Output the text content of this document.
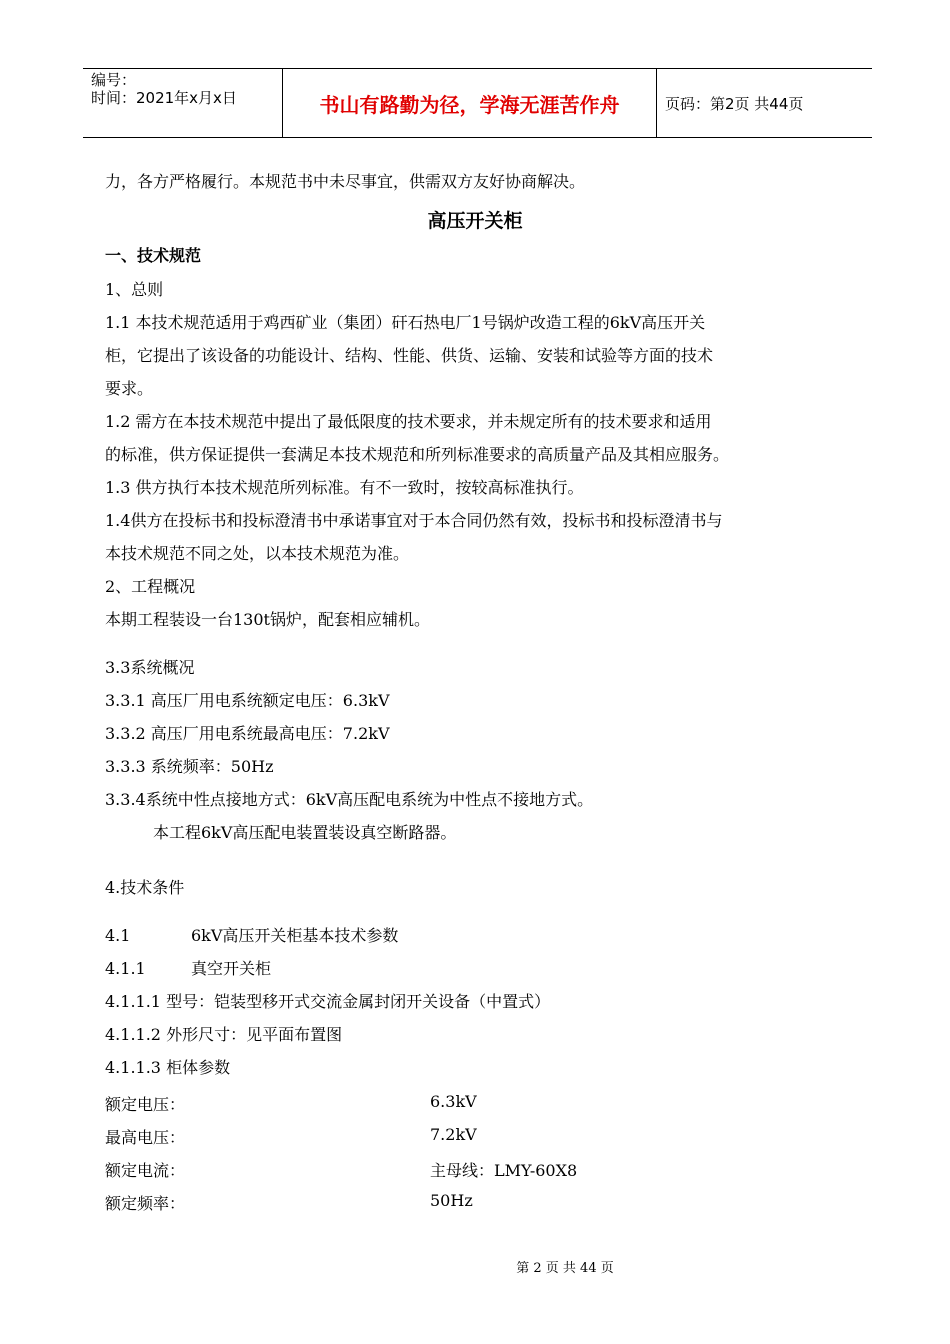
编号：
时间：2021年x月x日	书山有路勤为径，学海无涯苦作舟	页码：第2页 共44页
力，各方严格履行。本规范书中未尽事宜，供需双方友好协商解决。
高压开关柜
一、技术规范
1、总则
1.1 本技术规范适用于鸡西矿业（集团）矸石热电厂1号锅炉改造工程的6kV高压开关
柜，它提出了该设备的功能设计、结构、性能、供货、运输、安装和试验等方面的技术
要求。
1.2 需方在本技术规范中提出了最低限度的技术要求，并未规定所有的技术要求和适用
的标准，供方保证提供一套满足本技术规范和所列标准要求的高质量产品及其相应服务。
1.3 供方执行本技术规范所列标准。有不一致时，按较高标准执行。
1.4供方在投标书和投标澄清书中承诺事宜对于本合同仍然有效，投标书和投标澄清书与
本技术规范不同之处，以本技术规范为准。
2、工程概况
本期工程装设一台130t锅炉，配套相应辅机。
3.3系统概况
3.3.1 高压厂用电系统额定电压：6.3kV
3.3.2 高压厂用电系统最高电压：7.2kV
3.3.3 系统频率：50Hz
3.3.4系统中性点接地方式：6kV高压配电系统为中性点不接地方式。
本工程6kV高压配电装置装设真空断路器。
4.技术条件
4.1	6kV高压开关柜基本技术参数
4.1.1	真空开关柜
4.1.1.1 型号：铠装型移开式交流金属封闭开关设备（中置式）
4.1.1.2 外形尺寸：见平面布置图
4.1.1.3 柜体参数
额定电压：	6.3kV
最高电压：	7.2kV
额定电流：	主母线：LMY-60X8
额定频率：	50Hz
第 2 页 共 44 页
